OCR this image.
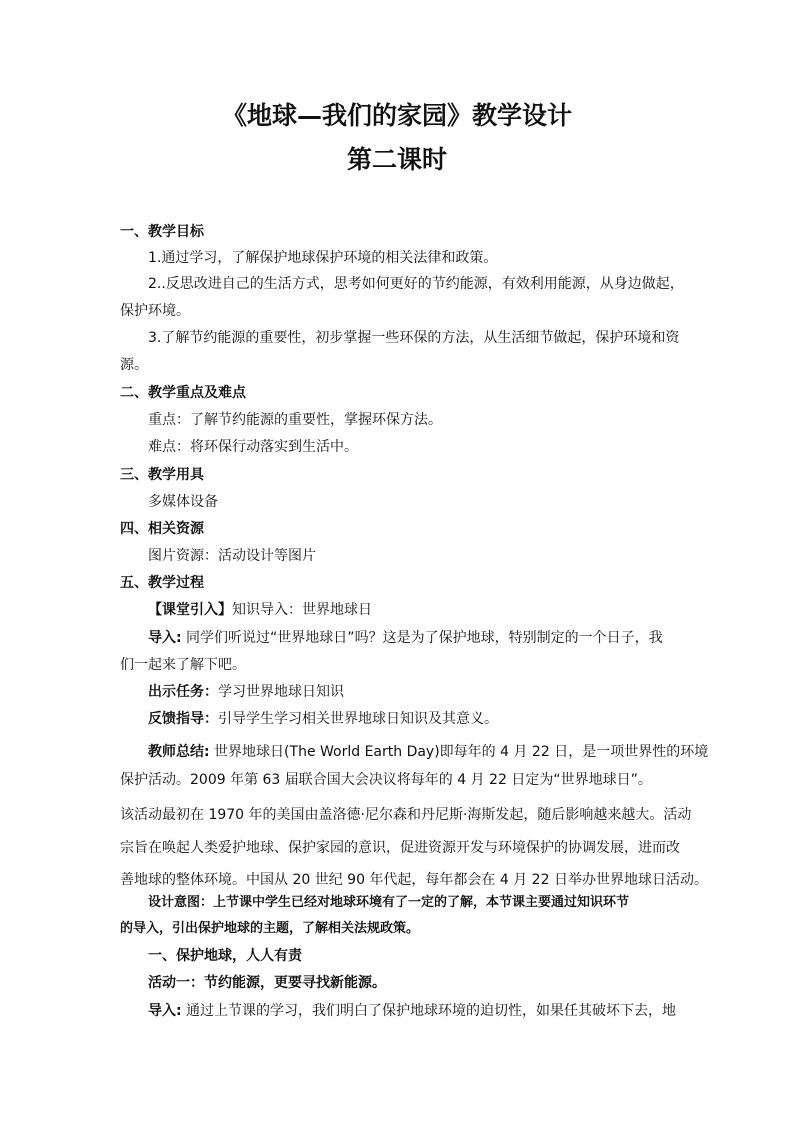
《地球—我们的家园》教学设计
第二课时
一、教学目标
1.通过学习，了解保护地球保护环境的相关法律和政策。
2..反思改进自己的生活方式，思考如何更好的节约能源，有效利用能源，从身边做起，
保护环境。
3.了解节约能源的重要性，初步掌握一些环保的方法，从生活细节做起，保护环境和资
源。
二、教学重点及难点
重点：了解节约能源的重要性，掌握环保方法。
难点：将环保行动落实到生活中。
三、教学用具
多媒体设备
四、相关资源
图片资源：活动设计等图片
五、教学过程
【课堂引入】知识导入：世界地球日
导入: 同学们听说过“世界地球日”吗？这是为了保护地球，特别制定的一个日子，我
们一起来了解下吧。
出示任务：学习世界地球日知识
反馈指导：引导学生学习相关世界地球日知识及其意义。
教师总结: 世界地球日(The World Earth Day)即每年的 4 月 22 日，是一项世界性的环境
保护活动。2009 年第 63 届联合国大会决议将每年的 4 月 22 日定为“世界地球日”。
该活动最初在 1970 年的美国由盖洛德·尼尔森和丹尼斯·海斯发起，随后影响越来越大。活动
宗旨在唤起人类爱护地球、保护家园的意识，促进资源开发与环境保护的协调发展，进而改
善地球的整体环境。中国从 20 世纪 90 年代起，每年都会在 4 月 22 日举办世界地球日活动。
设计意图：上节课中学生已经对地球环境有了一定的了解，本节课主要通过知识环节
的导入，引出保护地球的主题，了解相关法规政策。
一、保护地球，人人有责
活动一：节约能源，更要寻找新能源。
导入: 通过上节课的学习，我们明白了保护地球环境的迫切性，如果任其破坏下去，地
